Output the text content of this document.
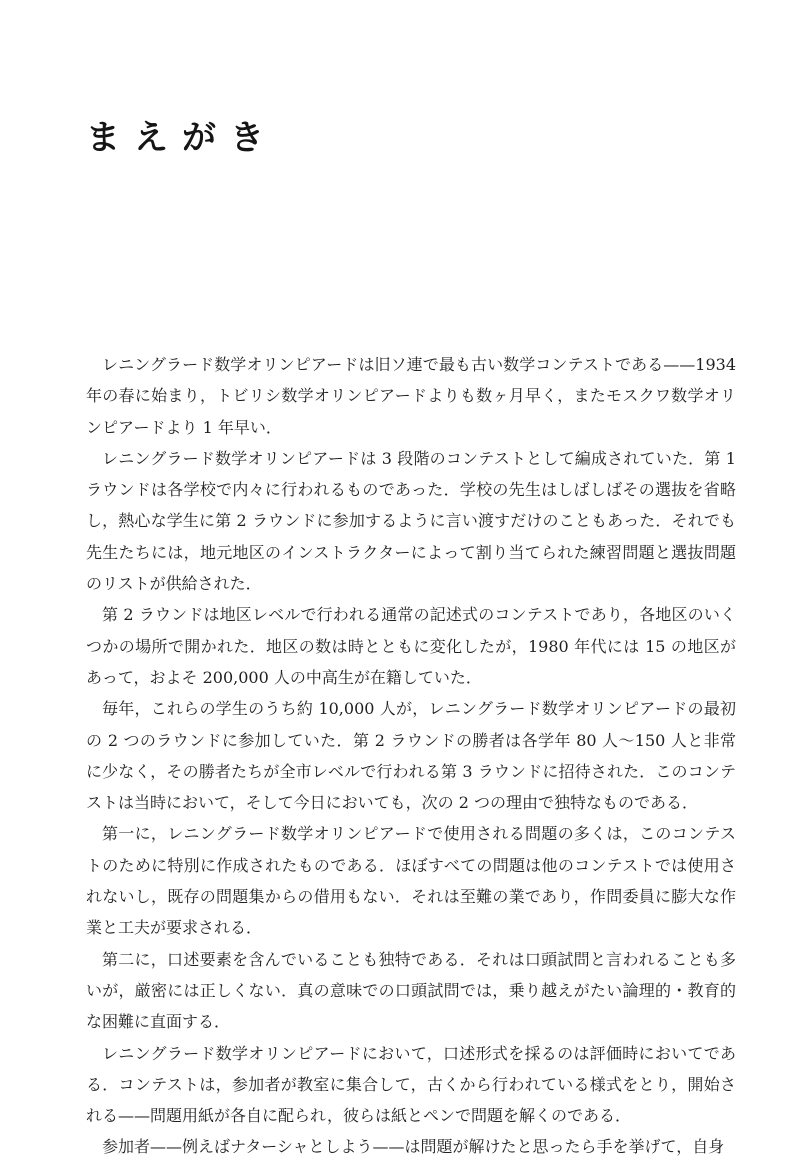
まえがき

レニングラード数学オリンピアードは旧ソ連で最も古い数学コンテストである——1934 年の春に始まり，トビリシ数学オリンピアードよりも数ヶ月早く，またモスクワ数学オリンピアードより 1 年早い．

レニングラード数学オリンピアードは 3 段階のコンテストとして編成されていた．第 1 ラウンドは各学校で内々に行われるものであった．学校の先生はしばしばその選抜を省略し，熱心な学生に第 2 ラウンドに参加するように言い渡すだけのこともあった．それでも先生たちには，地元地区のインストラクターによって割り当てられた練習問題と選抜問題のリストが供給された．

第 2 ラウンドは地区レベルで行われる通常の記述式のコンテストであり，各地区のいくつかの場所で開かれた．地区の数は時とともに変化したが，1980 年代には 15 の地区があって，およそ 200,000 人の中高生が在籍していた．

毎年，これらの学生のうち約 10,000 人が，レニングラード数学オリンピアードの最初の 2 つのラウンドに参加していた．第 2 ラウンドの勝者は各学年 80 人〜150 人と非常に少なく，その勝者たちが全市レベルで行われる第 3 ラウンドに招待された．このコンテストは当時において，そして今日においても，次の 2 つの理由で独特なものである．

第一に，レニングラード数学オリンピアードで使用される問題の多くは，このコンテストのために特別に作成されたものである．ほぼすべての問題は他のコンテストでは使用されないし，既存の問題集からの借用もない．それは至難の業であり，作問委員に膨大な作業と工夫が要求される．

第二に，口述要素を含んでいることも独特である．それは口頭試問と言われることも多いが，厳密には正しくない．真の意味での口頭試問では，乗り越えがたい論理的・教育的な困難に直面する．

レニングラード数学オリンピアードにおいて，口述形式を採るのは評価時においてである．コンテストは，参加者が教室に集合して，古くから行われている様式をとり，開始される——問題用紙が各自に配られ，彼らは紙とペンで問題を解くのである．

参加者——例えばナターシャとしよう——は問題が解けたと思ったら手を挙げて，自身
